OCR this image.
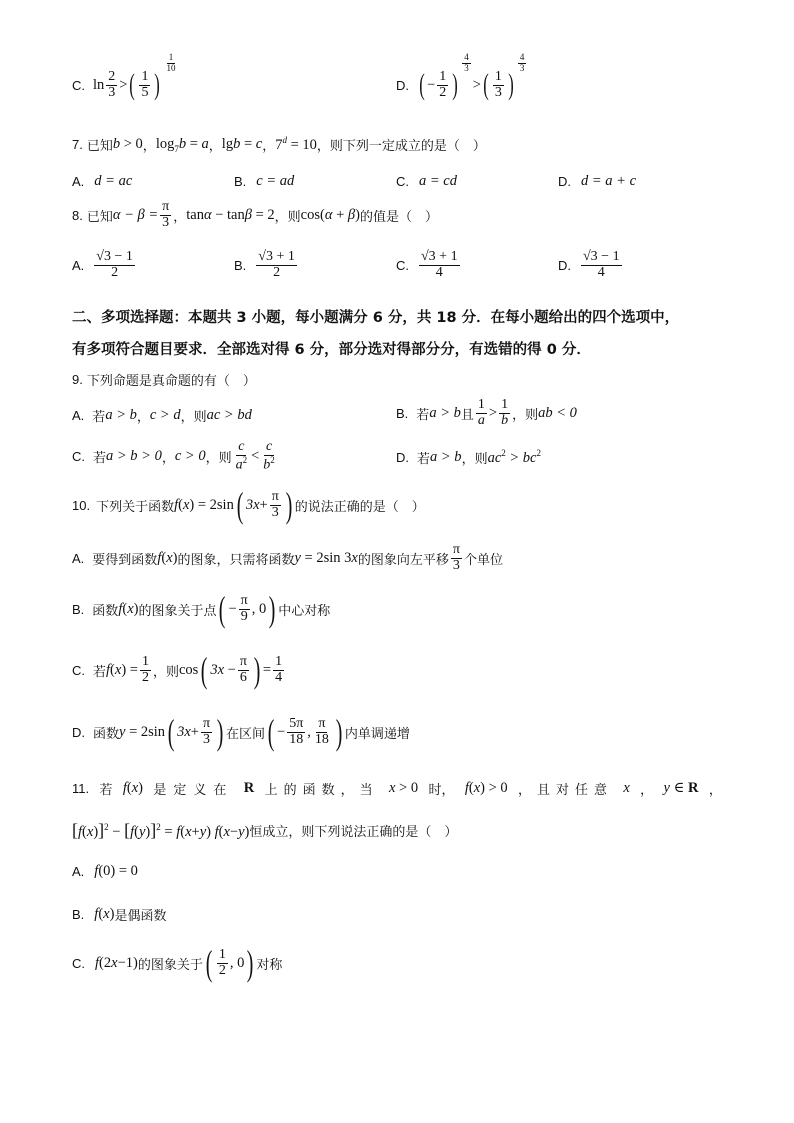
C. $\ln \frac{2}{3}$ > ( $\frac{1}{5}$ )
$\frac{1}{10}$
D. ( − $\frac{1}{2}$ )
$\frac{4}{3}$
> ( $\frac{1}{3}$ )
$\frac{4}{3}$
7. 已知 b > 0 ， $\log_7b = a$ ， lgb = c ， $7^d = 10$ ，则下列一定成立的是（　）
A. d = ac	B. c = ad	C. a = cd	D. d = a + c
8. 已知 $\alpha - \beta = \frac{\pi}{3}$ ， tanα − tanβ = 2 ，则 cos(α + β) 的值是（　）
A. $\frac{√3 - 1}{2}$	B. $\frac{√3 + 1}{2}$	C. $\frac{√3 + 1}{4}$	D. $\frac{√3 - 1}{4}$
二、多项选择题：本题共 3 小题，每小题满分 6 分，共 18 分．在每小题给出的四个选项中，
有多项符合题目要求．全部选对得 6 分，部分选对得部分分，有选错的得 0 分．
9. 下列命题是真命题的有（　）
A. 若 a > b ， c > d ，则 ac > bd	B. 若 a > b 且 $\frac{1}{a} > \frac{1}{b}$ ，则 ab < 0
C. 若 a > b > 0 ， c > 0 ，则 $\frac{c}{a^2} < \frac{c}{b^2}$	D. 若 a > b ，则 $ac^2 > bc^2$
10. 下列关于函数 f(x) = 2sin ( $3x+ \frac{\pi}{3}$ ) 的说法正确的是（　）
A. 要得到函数 f(x) 的图象，只需将函数 y = 2sin 3x 的图象向左平移 $\frac{\pi}{3}$ 个单位
B. 函数 f(x) 的图象关于点 ( − $\frac{\pi}{9}$ , 0 ) 中心对称
C. 若 $f(x) = \frac{1}{2}$ ，则 cos ( $3x - \frac{\pi}{6}$ ) = $\frac{1}{4}$
D. 函数 y = 2sin ( $3x+ \frac{\pi}{3}$ ) 在区间 ( − $\frac{5\pi}{18}$ , $\frac{\pi}{18}$ ) 内单调递增
11. 若 f(x) 是定义在 R 上的函数，当 x > 0 时， f(x) > 0 ，且对任意 x ， y ∈ R ，
$[f(x)]^2 - [f(y)]^2 = f(x+y)$ f(x−y) 恒成立，则下列说法正确的是（　）
A. f(0) = 0
B. f(x) 是偶函数
C. f(2x−1) 的图象关于 ( $\frac{1}{2}$ , 0 ) 对称
